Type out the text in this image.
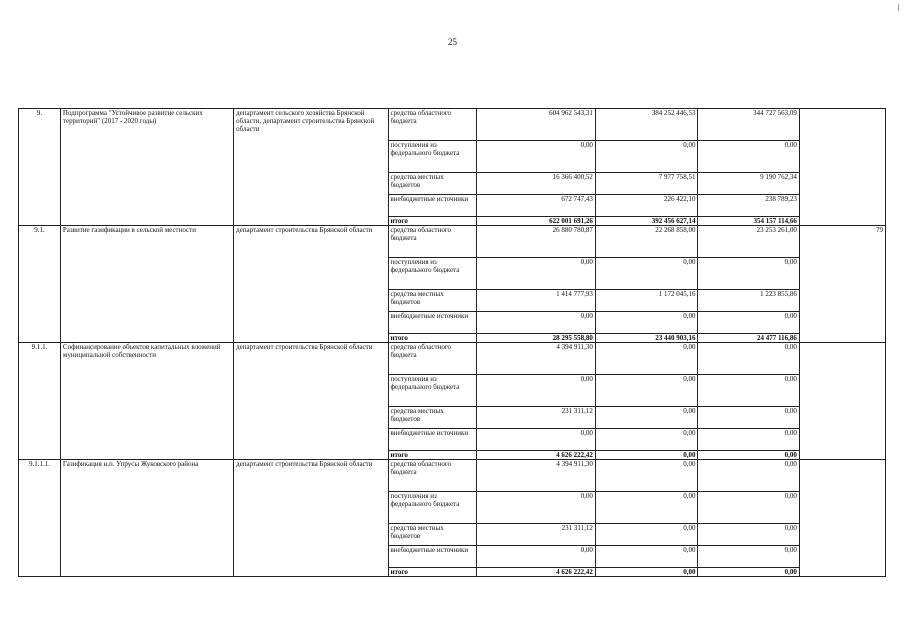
25
9.	Подпрограмма "Устойчивое развитие сельских территорий" (2017 - 2020 годы)	департамент сельского хозяйства Брянской области, департамент строительства Брянской области	средства областного бюджета	604 962 543,31	384 252 446,53	344 727 563,09	
			поступления из федерального бюджета	0,00	0,00	0,00	
			средства местных бюджетов	16 366 400,52	7 977 758,51	9 190 762,34	
			внебюджетные источники	672 747,43	226 422,10	238 789,23	
			итого	622 001 691,26	392 456 627,14	354 157 114,66	
9.1.	Развитие газификации в сельской местности	департамент строительства Брянской области	средства областного бюджета	26 880 780,87	22 268 858,00	23 253 261,00	79
			поступления из федерального бюджета	0,00	0,00	0,00	
			средства местных бюджетов	1 414 777,93	1 172 045,16	1 223 855,86	
			внебюджетные источники	0,00	0,00	0,00	
			итого	28 295 558,80	23 440 903,16	24 477 116,86	
9.1.1.	Софинансирование объектов капитальных вложений муниципальной собственности	департамент строительства Брянской области	средства областного бюджета	4 394 911,30	0,00	0,00	
			поступления из федерального бюджета	0,00	0,00	0,00	
			средства местных бюджетов	231 311,12	0,00	0,00	
			внебюджетные источники	0,00	0,00	0,00	
			итого	4 626 222,42	0,00	0,00	
9.1.1.1.	Газификация н.п. Упрусы Жуковского района	департамент строительства Брянской области	средства областного бюджета	4 394 911,30	0,00	0,00	
			поступления из федерального бюджета	0,00	0,00	0,00	
			средства местных бюджетов	231 311,12	0,00	0,00	
			внебюджетные источники	0,00	0,00	0,00	
			итого	4 626 222,42	0,00	0,00	
